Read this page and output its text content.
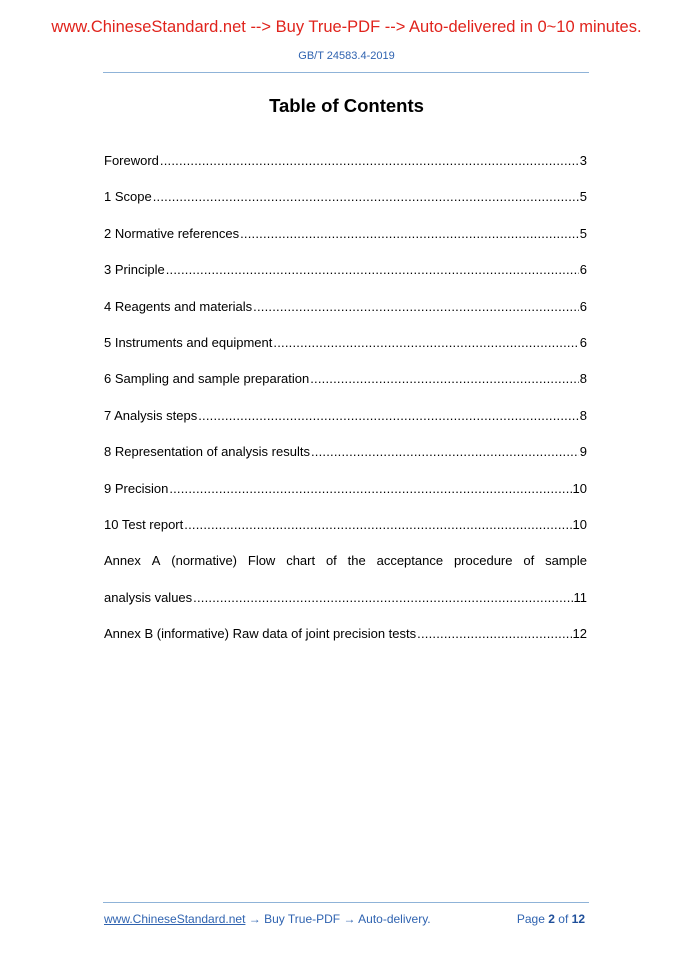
www.ChineseStandard.net --> Buy True-PDF --> Auto-delivered in 0~10 minutes.
GB/T 24583.4-2019
Table of Contents
Foreword .....	3
1 Scope .....	5
2 Normative references .....	5
3 Principle .....	6
4 Reagents and materials .....	6
5 Instruments and equipment .....	6
6 Sampling and sample preparation .....	8
7 Analysis steps .....	8
8 Representation of analysis results .....	9
9 Precision .....	10
10 Test report .....	10
Annex A (normative) Flow chart of the acceptance procedure of sample
analysis values .....	11
Annex B (informative) Raw data of joint precision tests .....	12
www.ChineseStandard.net → Buy True-PDF → Auto-delivery.	Page 2 of 12
